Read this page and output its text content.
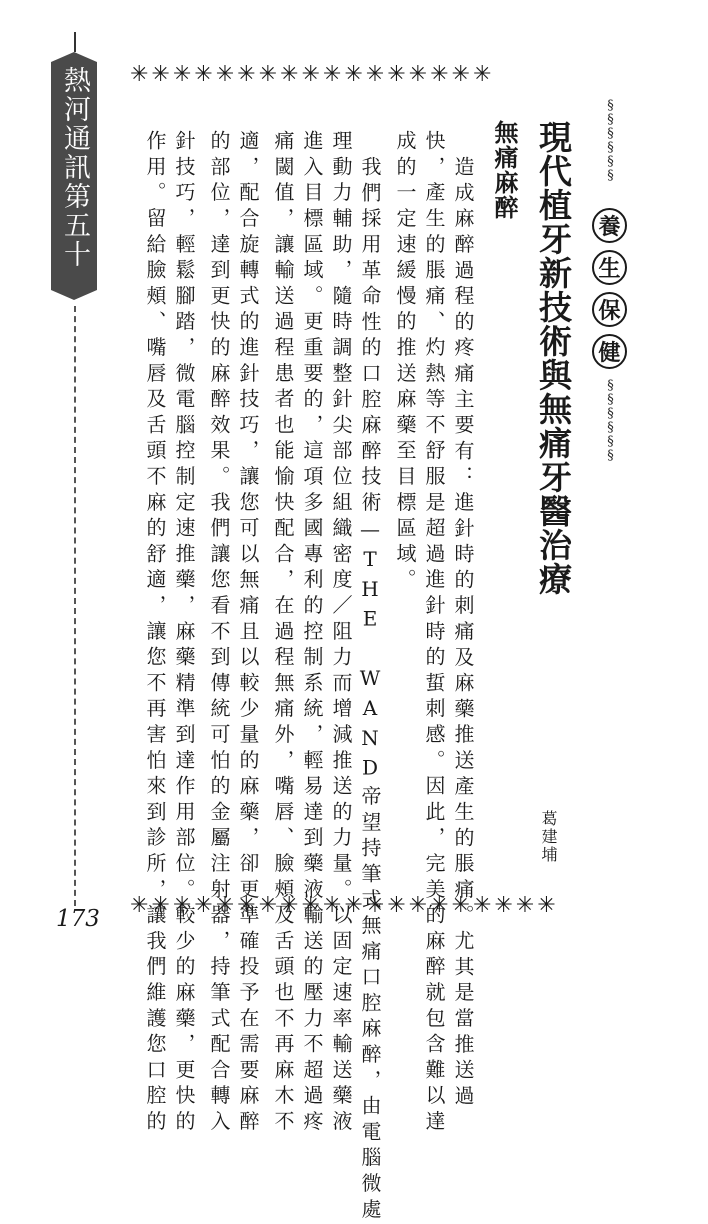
熱河通訊第五十九期
173
✳✳✳✳✳✳✳✳✳✳✳✳✳✳✳✳✳
✳✳✳✳✳✳✳✳✳✳✳✳✳✳✳✳✳✳✳✳
§§§§§§
養
生
保
健
§§§§§§
現代植牙新技術與無痛牙醫治療
無痛麻醉
葛建埔
造成麻醉過程的疼痛主要有：進針時的刺痛及麻藥推送產生的脹痛。尤其是當推送過
快，產生的脹痛、灼熱等不舒服是超過進針時的蜇刺感。因此，完美的麻醉就包含難以達
成的一定速緩慢的推送麻藥至目標區域。
我們採用革命性的口腔麻醉技術—THE WAND帝望持筆式無痛口腔麻醉，由電腦微處
理動力輔助，隨時調整針尖部位組織密度／阻力而增減推送的力量。以固定速率輸送藥液
進入目標區域。更重要的，這項多國專利的控制系統，輕易達到藥液輸送的壓力不超過疼
痛閾值，讓輸送過程患者也能愉快配合，在過程無痛外，嘴唇、臉頰及舌頭也不再麻木不
適，配合旋轉式的進針技巧，讓您可以無痛且以較少量的麻藥，卻更準確投予在需要麻醉
的部位，達到更快的麻醉效果。我們讓您看不到傳統可怕的金屬注射器，持筆式配合轉入
針技巧，輕鬆腳踏，微電腦控制定速推藥，麻藥精準到達作用部位。較少的麻藥，更快的
作用。留給臉頰、嘴唇及舌頭不麻的舒適，讓您不再害怕來到診所，讓我們維護您口腔的
